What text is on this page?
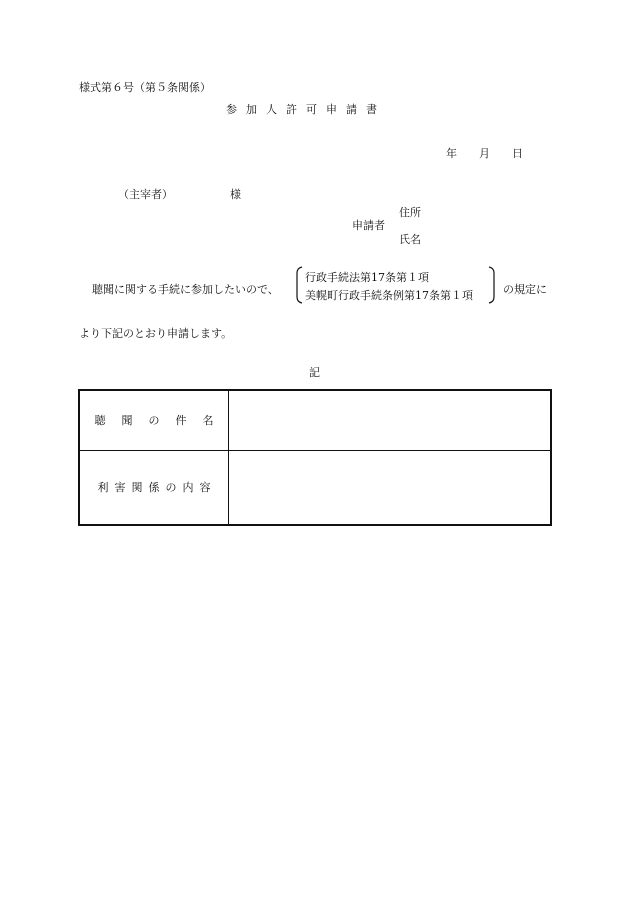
様式第６号（第５条関係）
参加人許可申請書
年 月 日
（主宰者）	様
申請者
住所
氏名
聴聞に関する手続に参加したいので、
行政手続法第17条第１項
美幌町行政手続条例第17条第１項	の規定に
より下記のとおり申請します。
記
聴聞の件名	
利害関係の内容	
